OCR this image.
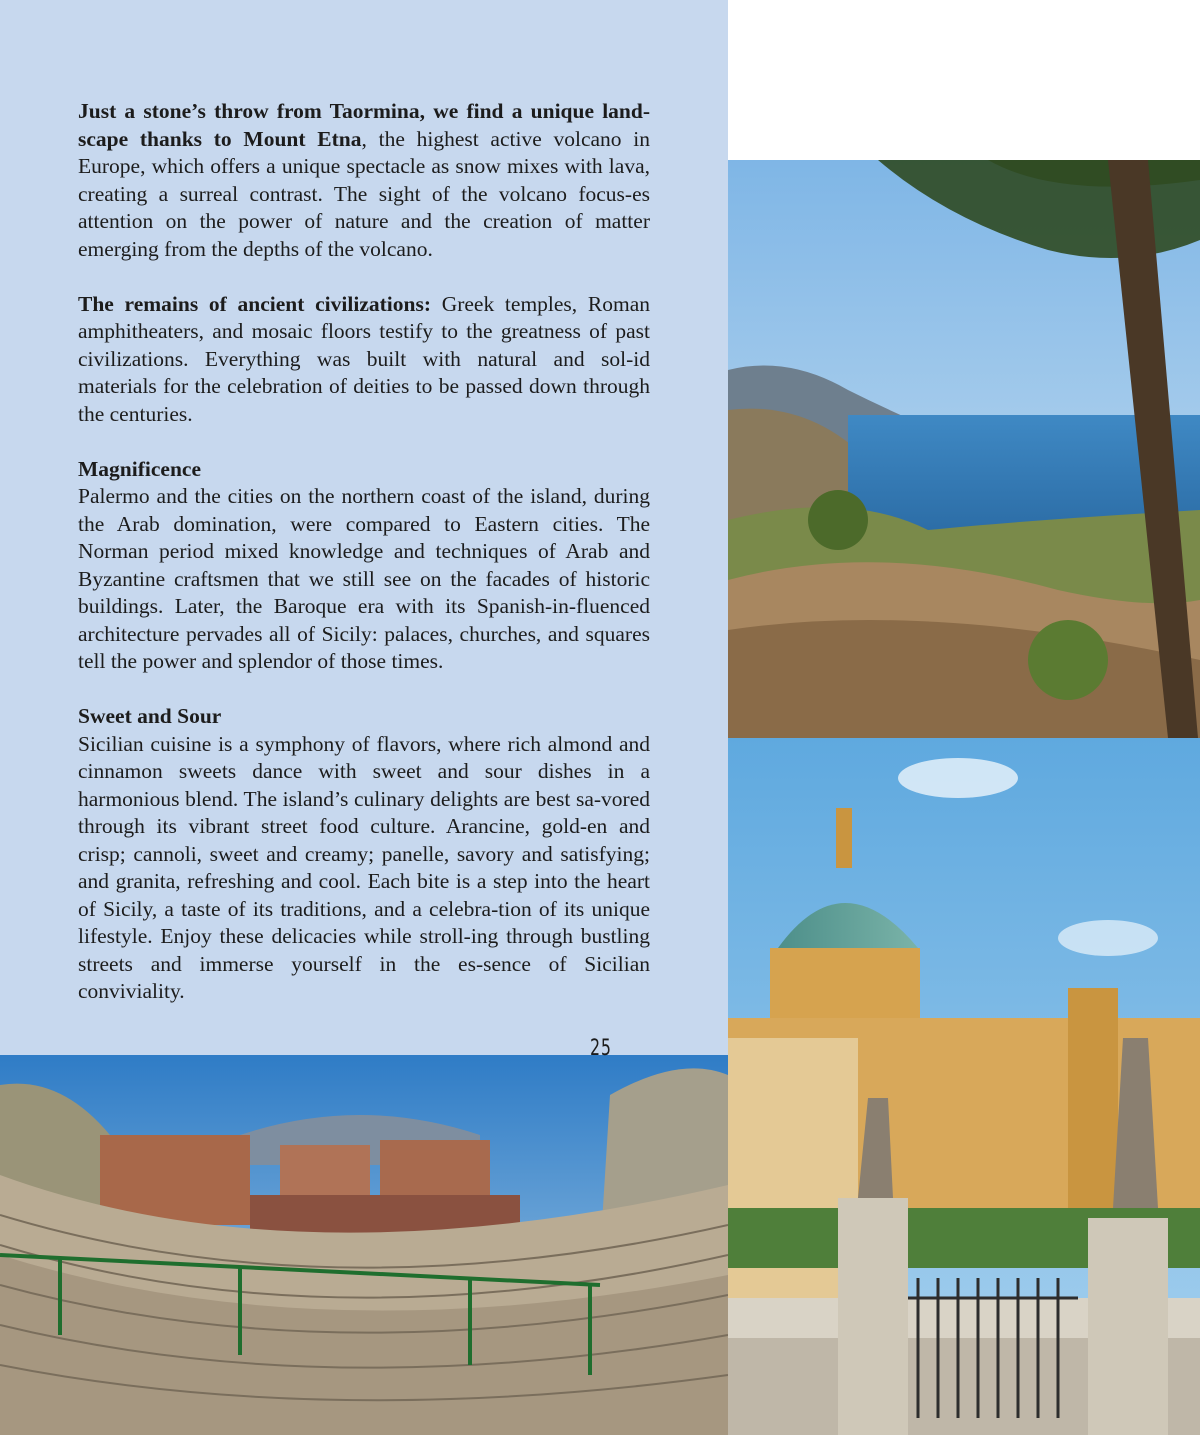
Just a stone’s throw from Taormina, we find a unique land-scape thanks to Mount Etna, the highest active volcano in Europe, which offers a unique spectacle as snow mixes with lava, creating a surreal contrast. The sight of the volcano focus-es attention on the power of nature and the creation of matter emerging from the depths of the volcano.

The remains of ancient civilizations: Greek temples, Roman amphitheaters, and mosaic floors testify to the greatness of past civilizations. Everything was built with natural and sol-id materials for the celebration of deities to be passed down through the centuries.

Magnificence
Palermo and the cities on the northern coast of the island, during the Arab domination, were compared to Eastern cities. The Norman period mixed knowledge and techniques of Arab and Byzantine craftsmen that we still see on the facades of historic buildings. Later, the Baroque era with its Spanish-in-fluenced architecture pervades all of Sicily: palaces, churches, and squares tell the power and splendor of those times.

Sweet and Sour
Sicilian cuisine is a symphony of flavors, where rich almond and cinnamon sweets dance with sweet and sour dishes in a harmonious blend. The island’s culinary delights are best sa-vored through its vibrant street food culture. Arancine, gold-en and crisp; cannoli, sweet and creamy; panelle, savory and satisfying; and granita, refreshing and cool. Each bite is a step into the heart of Sicily, a taste of its traditions, and a celebra-tion of its unique lifestyle. Enjoy these delicacies while stroll-ing through bustling streets and immerse yourself in the es-sence of Sicilian conviviality.

25
